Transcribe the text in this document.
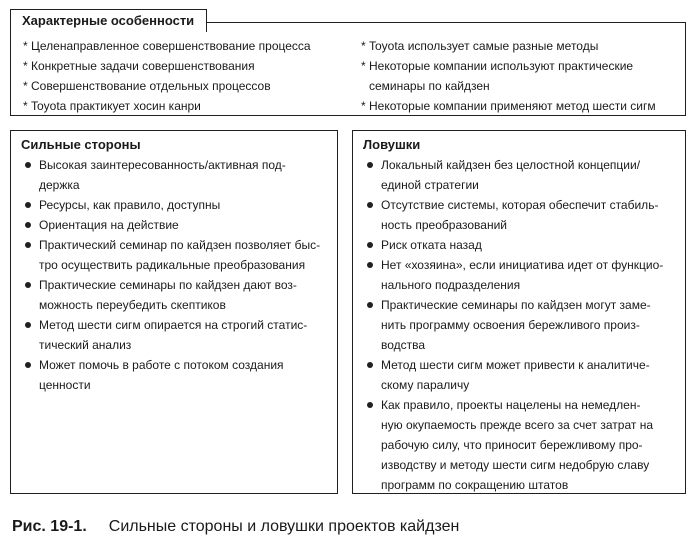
Характерные особенности
* Целенаправленное совершенствование процесса
* Конкретные задачи совершенствования
* Совершенствование отдельных процессов
* Toyota практикует хосин канри
* Toyota использует самые разные методы
* Некоторые компании используют практические
семинары по кайдзен
* Некоторые компании применяют метод шести сигм
Сильные стороны
Высокая заинтересованность/активная под-
держка
Ресурсы, как правило, доступны
Ориентация на действие
Практический семинар по кайдзен позволяет быс-
тро осуществить радикальные преобразования
Практические семинары по кайдзен дают воз-
можность переубедить скептиков
Метод шести сигм опирается на строгий статис-
тический анализ
Может помочь в работе с потоком создания
ценности
Ловушки
Локальный кайдзен без целостной концепции/
единой стратегии
Отсутствие системы, которая обеспечит стабиль-
ность преобразований
Риск отката назад
Нет «хозяина», если инициатива идет от функцио-
нального подразделения
Практические семинары по кайдзен могут заме-
нить программу освоения бережливого произ-
водства
Метод шести сигм может привести к аналитиче-
скому параличу
Как правило, проекты нацелены на немедлен-
ную окупаемость прежде всего за счет затрат на
рабочую силу, что приносит бережливому про-
изводству и методу шести сигм недобрую славу
программ по сокращению штатов
Рис. 19-1. Сильные стороны и ловушки проектов кайдзен
